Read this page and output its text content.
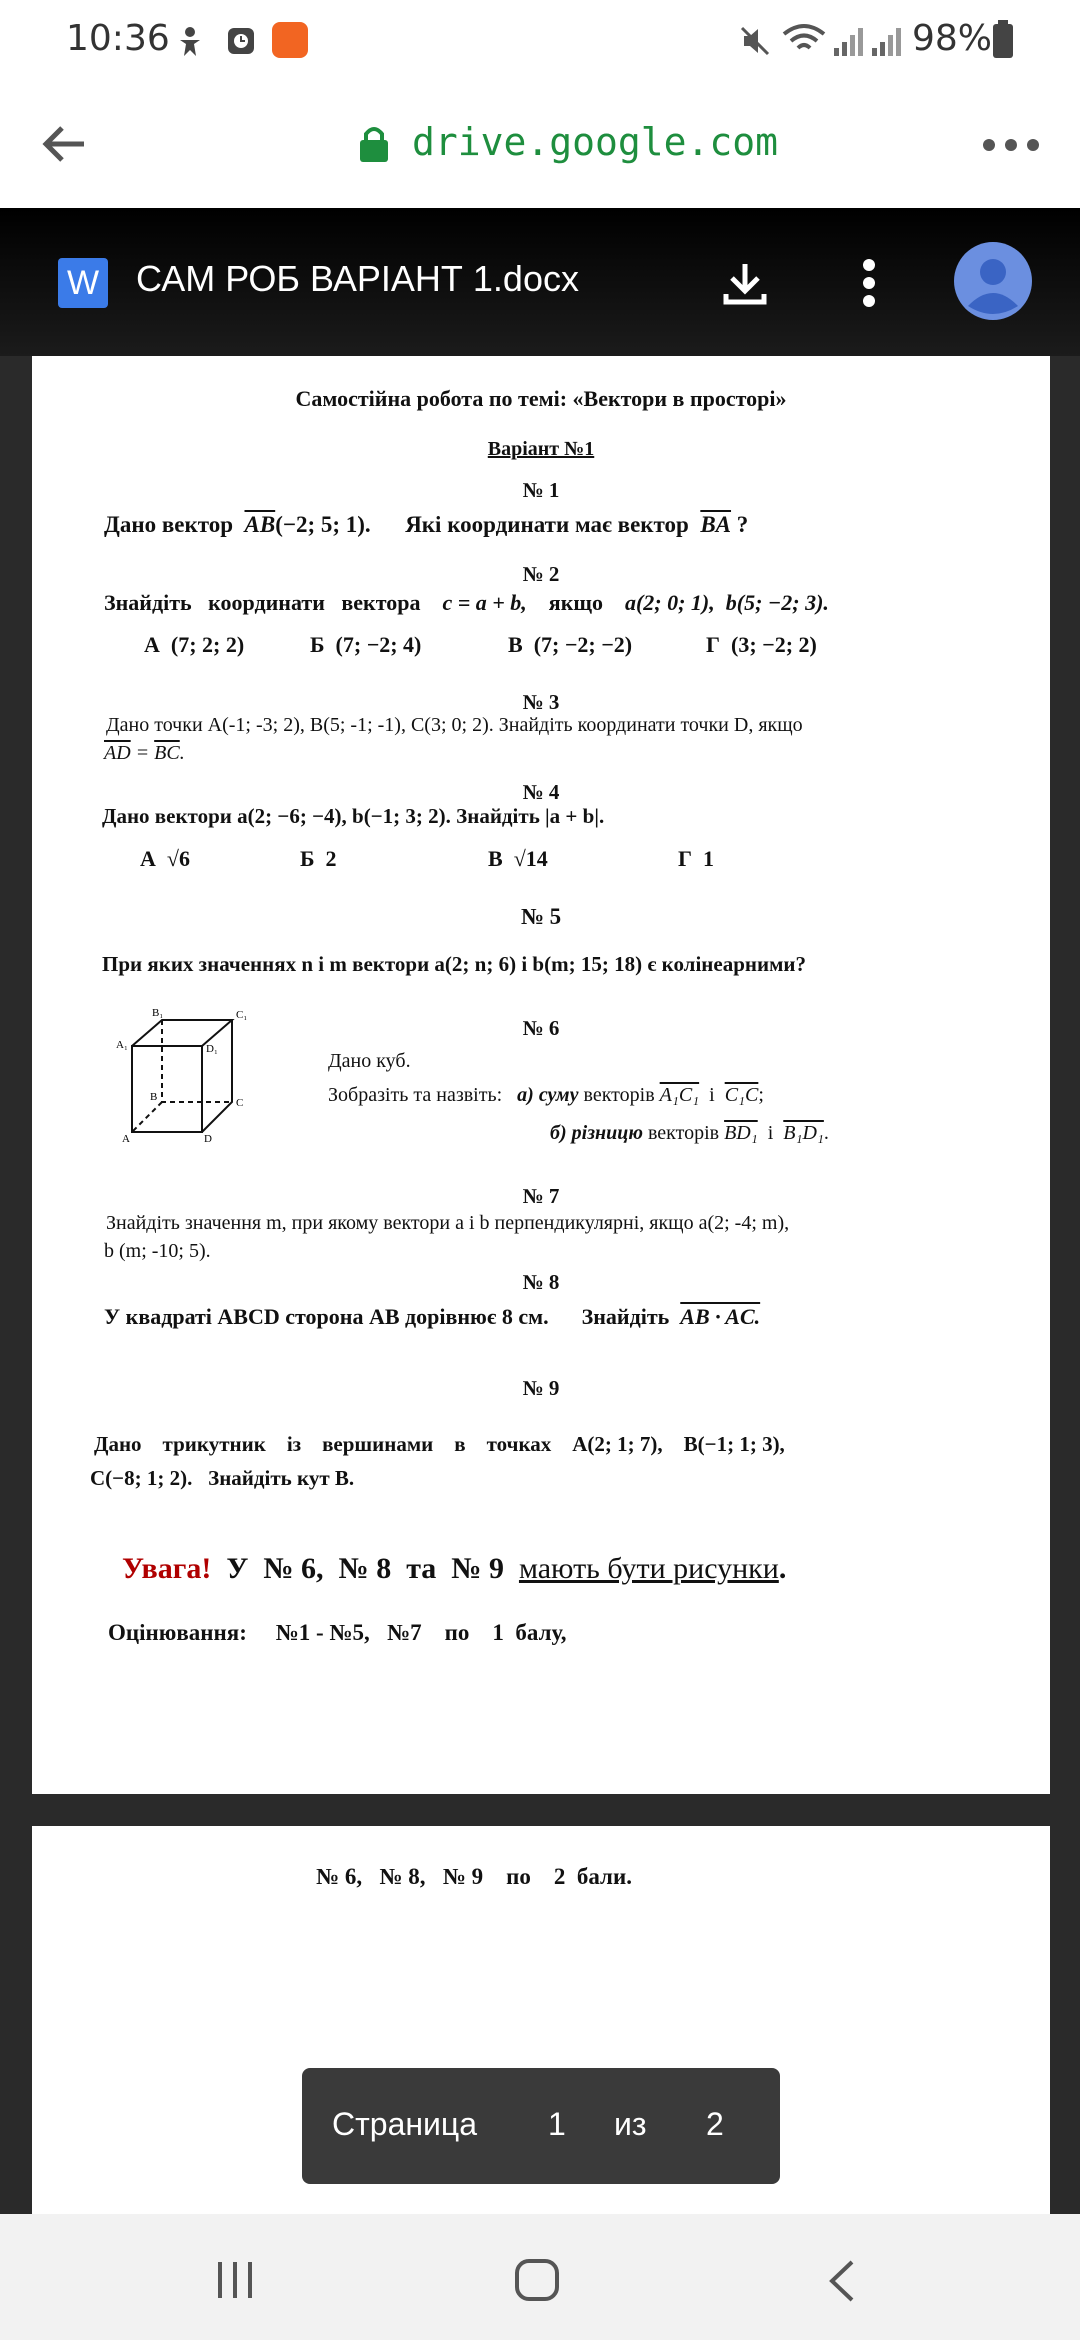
10:36	98%
drive.google.com
САМ РОБ ВАРІАНТ 1.docx
W
Самостійна робота по темі: «Вектори в просторі»
Варіант №1
№ 1
Дано вектор $\overline{AB}(-2$; 5; 1). Які координати має вектор $\overline{BA}$ ?
№ 2
Знайдіть   координати   вектора c = a + b, якщо a(2; 0; 1), b(5; −2; 3).
А (7; 2; 2)	Б (7; −2; 4)	В (7; −2; −2)	Г (3; −2; 2)
№ 3
Дано точки A(-1; -3; 2), B(5; -1; -1), C(3; 0; 2). Знайдіть координати точки D, якщо
$\overline{AD} = \overline{BC}$.
№ 4
Дано вектори a(2; −6; −4), b(−1; 3; 2). Знайдіть |a + b|.
А √6	Б 2	В √14	Г 1
№ 5
При яких значеннях n і m вектори a(2; n; 6) і b(m; 15; 18) є колінеарними?
№ 6
B₁	C₁
A₁	D₁
B	C
A	D
Дано куб.
Зобразіть та назвіть: а) суму векторів A₁C₁ і C₁C;
б) різницю векторів BD₁ і B₁D₁.
№ 7
Знайдіть значення m, при якому вектори a і b перпендикулярні, якщо a(2; -4; m),
b (m; -10; 5).
№ 8
У квадраті ABCD сторона AB дорівнює 8 см. Знайдіть AB · AC.
№ 9
Дано    трикутник    із    вершинами    в    точках    A(2; 1; 7),    B(−1; 1; 3),
C(−8; 1; 2).   Знайдіть кут B.
Увага! У № 6,  № 8  та  № 9 мають бути рисунки.
Оцінювання: №1 - №5,   №7    по    1  балу,
№ 6,   № 8,   № 9    по    2  бали.
Страница 1 из 2
